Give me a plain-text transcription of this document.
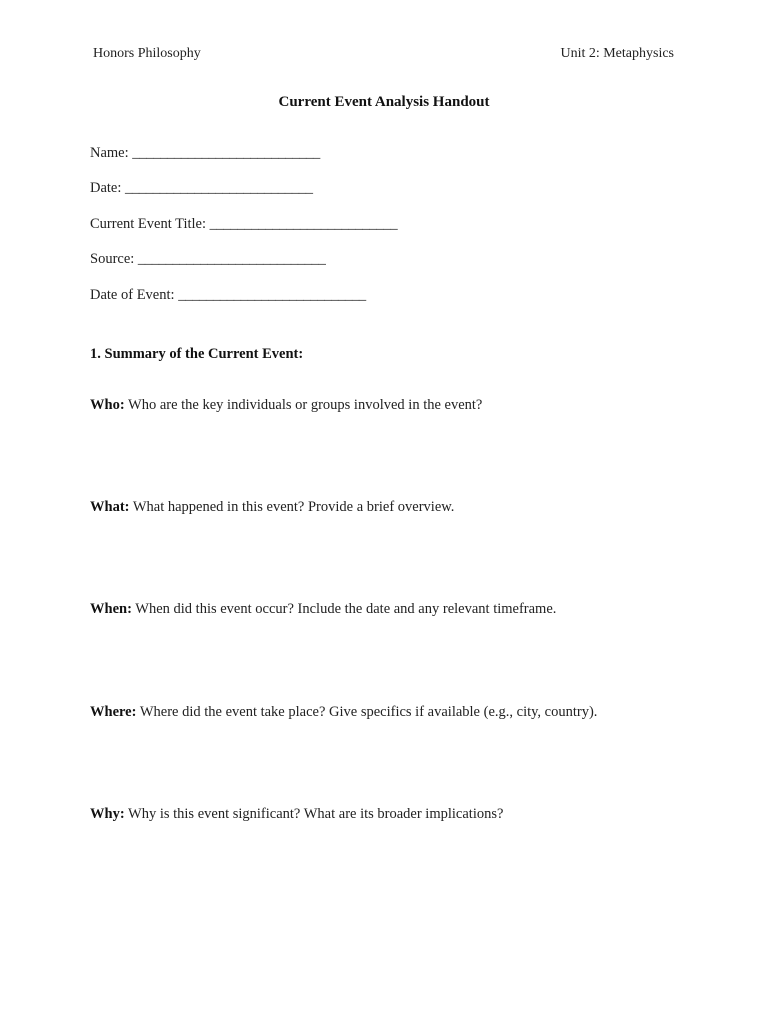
Honors Philosophy	Unit 2: Metaphysics
Current Event Analysis Handout
Name: ___________________________
Date: ___________________________
Current Event Title: ___________________________
Source: ___________________________
Date of Event: ___________________________
1. Summary of the Current Event:
Who: Who are the key individuals or groups involved in the event?
What: What happened in this event? Provide a brief overview.
When: When did this event occur? Include the date and any relevant timeframe.
Where: Where did the event take place? Give specifics if available (e.g., city, country).
Why: Why is this event significant? What are its broader implications?
